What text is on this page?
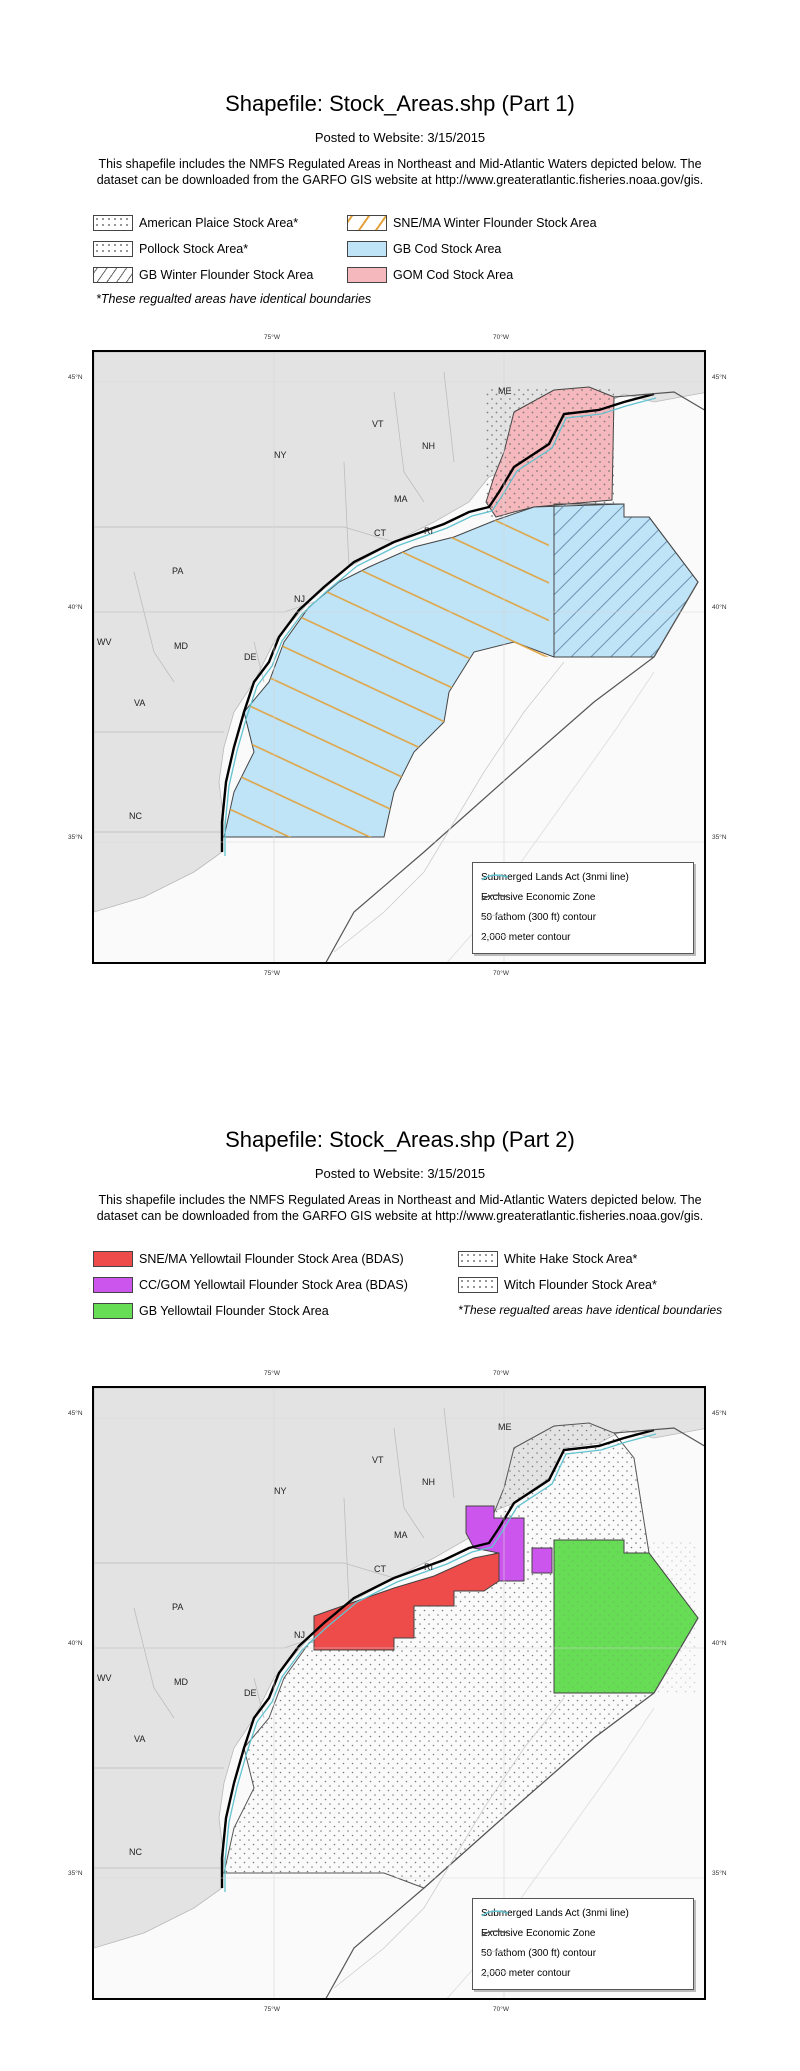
Shapefile: Stock_Areas.shp (Part 1)
Posted to Website: 3/15/2015
This shapefile includes the NMFS Regulated Areas in Northeast and Mid-Atlantic Waters depicted below. The
dataset can be downloaded from the GARFO GIS website at http://www.greateratlantic.fisheries.noaa.gov/gis.
American Plaice Stock Area*
Pollock Stock Area*
GB Winter Flounder Stock Area
SNE/MA Winter Flounder Stock Area
GB Cod Stock Area
GOM Cod Stock Area
*These regualted areas have identical boundaries
75°W	70°W
75°W	70°W
45°N
40°N
35°N
45°N
40°N
35°N
ME
VT
NH
NY
MA
CT	RI
PA
NJ
WV	MD
DE
VA
NC
Submerged Lands Act (3nmi line)
Exclusive Economic Zone
50 fathom (300 ft) contour
2,000 meter contour
Shapefile: Stock_Areas.shp (Part 2)
Posted to Website: 3/15/2015
This shapefile includes the NMFS Regulated Areas in Northeast and Mid-Atlantic Waters depicted below. The
dataset can be downloaded from the GARFO GIS website at http://www.greateratlantic.fisheries.noaa.gov/gis.
SNE/MA Yellowtail Flounder Stock Area (BDAS)
CC/GOM Yellowtail Flounder Stock Area (BDAS)
GB Yellowtail Flounder Stock Area
White Hake Stock Area*
Witch Flounder Stock Area*
*These regualted areas have identical boundaries
75°W	70°W
75°W	70°W
45°N
40°N
35°N
45°N
40°N
35°N
ME
VT
NH
NY
MA
CT	RI
PA
NJ
WV	MD
DE
VA
NC
Submerged Lands Act (3nmi line)
Exclusive Economic Zone
50 fathom (300 ft) contour
2,000 meter contour
